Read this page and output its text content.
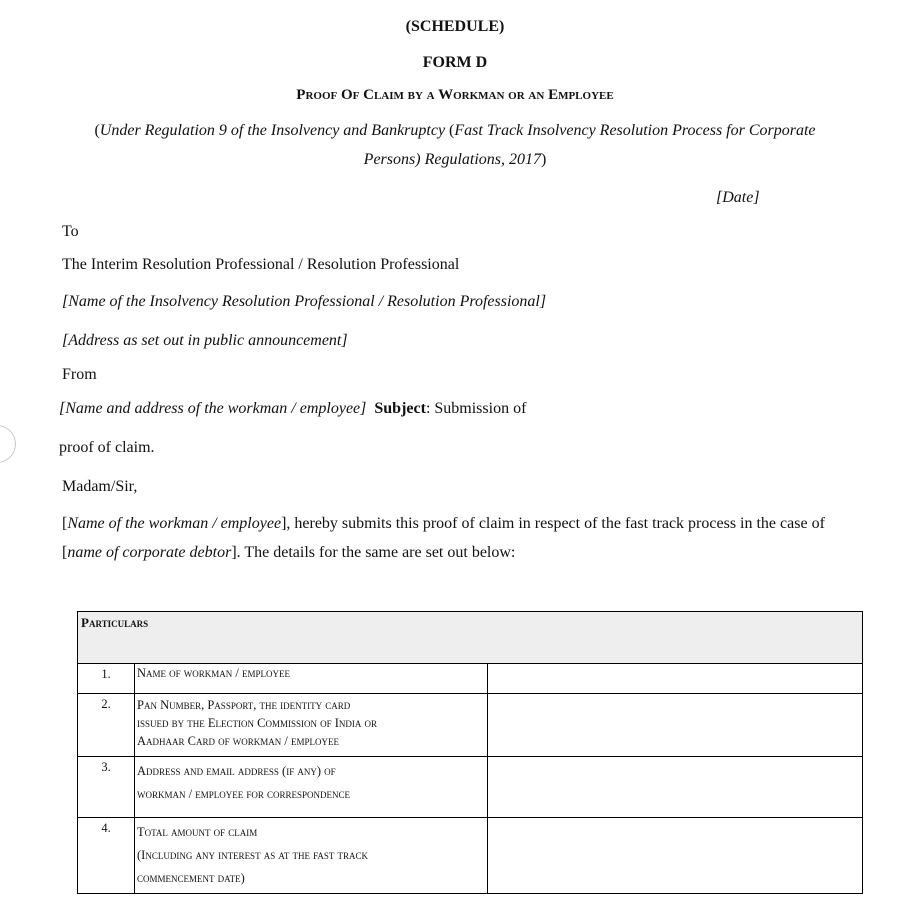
(SCHEDULE)
FORM D
Proof Of Claim by a Workman or an Employee
(Under Regulation 9 of the Insolvency and Bankruptcy (Fast Track Insolvency Resolution Process for Corporate
Persons) Regulations, 2017)
[Date]
To
The Interim Resolution Professional / Resolution Professional
[Name of the Insolvency Resolution Professional / Resolution Professional]
[Address as set out in public announcement]
From
[Name and address of the workman / employee] Subject: Submission of
proof of claim.
Madam/Sir,
[Name of the workman / employee], hereby submits this proof of claim in respect of the fast track process in the case of
[name of corporate debtor]. The details for the same are set out below:
Particulars		

1.	Name of workman / employee	

2.	Pan Number, Passport, the identity card
issued by the Election Commission of India or
Aadhaar Card of workman / employee	

3.	Address and email address (if any) of
workman / employee for correspondence	

4.	Total amount of claim
(Including any interest as at the fast track
commencement date)	
